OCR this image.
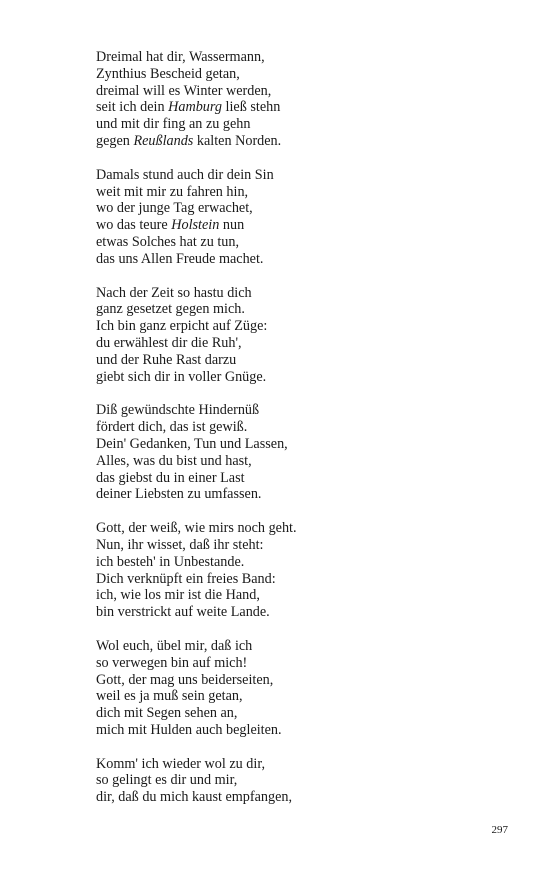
Dreimal hat dir, Wassermann,
Zynthius Bescheid getan,
dreimal will es Winter werden,
seit ich dein Hamburg ließ stehn
und mit dir fing an zu gehn
gegen Reußlands kalten Norden.
Damals stund auch dir dein Sin
weit mit mir zu fahren hin,
wo der junge Tag erwachet,
wo das teure Holstein nun
etwas Solches hat zu tun,
das uns Allen Freude machet.
Nach der Zeit so hastu dich
ganz gesetzet gegen mich.
Ich bin ganz erpicht auf Züge:
du erwählest dir die Ruh',
und der Ruhe Rast darzu
giebt sich dir in voller Gnüge.
Diß gewündschte Hindernüß
fördert dich, das ist gewiß.
Dein' Gedanken, Tun und Lassen,
Alles, was du bist und hast,
das giebst du in einer Last
deiner Liebsten zu umfassen.
Gott, der weiß, wie mirs noch geht.
Nun, ihr wisset, daß ihr steht:
ich besteh' in Unbestande.
Dich verknüpft ein freies Band:
ich, wie los mir ist die Hand,
bin verstrickt auf weite Lande.
Wol euch, übel mir, daß ich
so verwegen bin auf mich!
Gott, der mag uns beiderseiten,
weil es ja muß sein getan,
dich mit Segen sehen an,
mich mit Hulden auch begleiten.
Komm' ich wieder wol zu dir,
so gelingt es dir und mir,
dir, daß du mich kaust empfangen,
297
